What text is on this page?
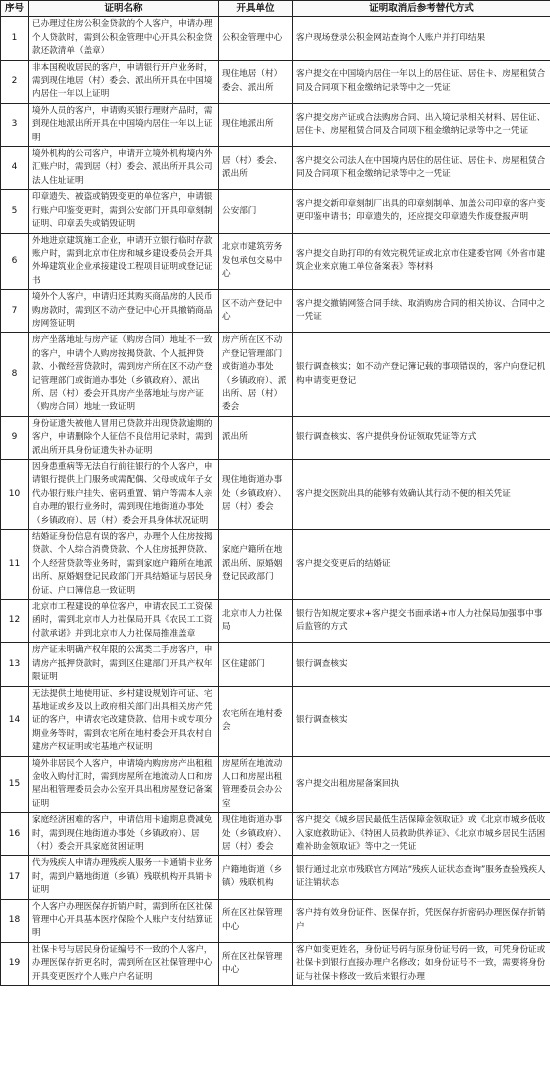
序号	证明名称	开具单位	证明取消后参考替代方式
1	已办理过住房公积金贷款的个人客户，申请办理个人贷款时，需到公积金管理中心开具公积金贷款还款清单（盖章）	公积金管理中心	客户现场登录公积金网站查询个人账户并打印结果
2	非本国税收居民的客户，申请银行开户业务时，需到现住地居（村）委会、派出所开具在中国境内居住一年以上证明	现住地居（村）委会、派出所	客户提交在中国境内居住一年以上的居住证、居住卡、房屋租赁合同及合同项下租金缴纳记录等中之一凭证
3	境外人员的客户，申请购买银行理财产品时，需到现住地派出所开具在中国境内居住一年以上证明	现住地派出所	客户提交房产证或合法购房合同、出入境记录相关材料、居住证、居住卡、房屋租赁合同及合同项下租金缴纳记录等中之一凭证
4	境外机构的公司客户，申请开立境外机构境内外汇账户时，需到居（村）委会、派出所开具公司法人住址证明	居（村）委会、派出所	客户提交公司法人在中国境内居住的居住证、居住卡、房屋租赁合同及合同项下租金缴纳记录等中之一凭证
5	印章遗失、被盗或销毁变更的单位客户，申请银行账户印鉴变更时，需到公安部门开具印章刻制证明、印章丢失或销毁证明	公安部门	客户提交新印章刻制厂出具的印章刻制单、加盖公司印章的客户变更印鉴申请书；印章遗失的，还应提交印章遗失作废登报声明
6	外地进京建筑施工企业，申请开立银行临时存款账户时，需到北京市住房和城乡建设委员会开具外埠建筑业企业承接建设工程项目证明或登记证书	北京市建筑劳务发包承包交易中心	客户提交自助打印的有效完税凭证或北京市住建委官网《外省市建筑企业来京施工单位备案表》等材料
7	境外个人客户，申请归还其购买商品房的人民币购房款时，需到区不动产登记中心开具撤销商品房网签证明	区不动产登记中心	客户提交撤销网签合同手续、取消购房合同的相关协议、合同中之一凭证
8	房产坐落地址与房产证（购房合同）地址不一致的客户，申请个人购房按揭贷款、个人抵押贷款、小微经营贷款时，需到房产所在区不动产登记管理部门或街道办事处（乡镇政府）、派出所、居（村）委会开具房产坐落地址与房产证（购房合同）地址一致证明	房产所在区不动产登记管理部门或街道办事处（乡镇政府）、派出所、居（村）委会	银行调查核实；如不动产登记簿记载的事项错误的，客户向登记机构申请变更登记
9	身份证遗失被他人冒用已贷款并出现贷款逾期的客户，申请删除个人征信不良信用记录时，需到派出所开具身份证遗失补办证明	派出所	银行调查核实、客户提供身份证领取凭证等方式
10	因身患重病等无法自行前往银行的个人客户，申请银行提供上门服务或需配偶、父母或成年子女代办银行账户挂失、密码重置、销户等需本人亲自办理的银行业务时，需到现住地街道办事处（乡镇政府）、居（村）委会开具身体状况证明	现住地街道办事处（乡镇政府）、居（村）委会	客户提交医院出具的能够有效确认其行动不便的相关凭证
11	结婚证身份信息有误的客户，办理个人住房按揭贷款、个人综合消费贷款、个人住房抵押贷款、个人经营贷款等业务时，需到家庭户籍所在地派出所、原婚姻登记民政部门开具结婚证与居民身份证、户口簿信息一致证明	家庭户籍所在地派出所、原婚姻登记民政部门	客户提交变更后的结婚证
12	北京市工程建设的单位客户，申请农民工工资保函时，需到北京市人力社保局开具《农民工工资付款承诺》并到北京市人力社保局推准盖章	北京市人力社保局	银行告知规定要求+客户提交书面承诺+市人力社保局加强事中事后监管的方式
13	房产证未明确产权年限的公寓类二手房客户，申请房产抵押贷款时，需到区住建部门开具产权年限证明	区住建部门	银行调查核实
14	无法提供土地使用证、乡村建设规划许可证、宅基地证或乡及以上政府相关部门出具相关房产凭证的客户，申请农宅改建贷款、信用卡或专项分期业务等时，需到农宅所在地村委会开具农村自建房产权证明或宅基地产权证明	农宅所在地村委会	银行调查核实
15	境外非居民个人客户，申请境内购房房产出租租金收入购付汇时，需到房屋所在地流动人口和房屋出租管理委员会办公室开具出租房屋登记备案证明	房屋所在地流动人口和房屋出租管理委员会办公室	客户提交出租房屋备案回执
16	家庭经济困难的客户，申请信用卡逾期息费减免时，需到现住地街道办事处（乡镇政府）、居（村）委会开具家庭贫困证明	现住地街道办事处（乡镇政府）、居（村）委会	客户提交《城乡居民最低生活保障金领取证》或《北京市城乡低收入家庭救助证》、《特困人员救助供养证》、《北京市城乡居民生活困难补助金领取证》等中之一凭证
17	代为残疾人申请办理残疾人服务一卡通销卡业务时，需到户籍地街道（乡镇）残联机构开具销卡证明	户籍地街道（乡镇）残联机构	银行通过北京市残联官方网站“残疾人证状态查询”服务查验残疾人证注销状态
18	个人客户办理医保存折销户时，需到所在区社保管理中心开具基本医疗保险个人账户支付结算证明	所在区社保管理中心	客户持有效身份证件、医保存折，凭医保存折密码办理医保存折销户
19	社保卡号与居民身份证编号不一致的个人客户，办理医保存折更名时，需到所在区社保管理中心开具变更医疗个人账户户名证明	所在区社保管理中心	客户如变更姓名，身份证号码与原身份证号码一致，可凭身份证或社保卡到银行直接办理户名修改；如身份证号不一致，需要将身份证与社保卡修改一致后来银行办理
